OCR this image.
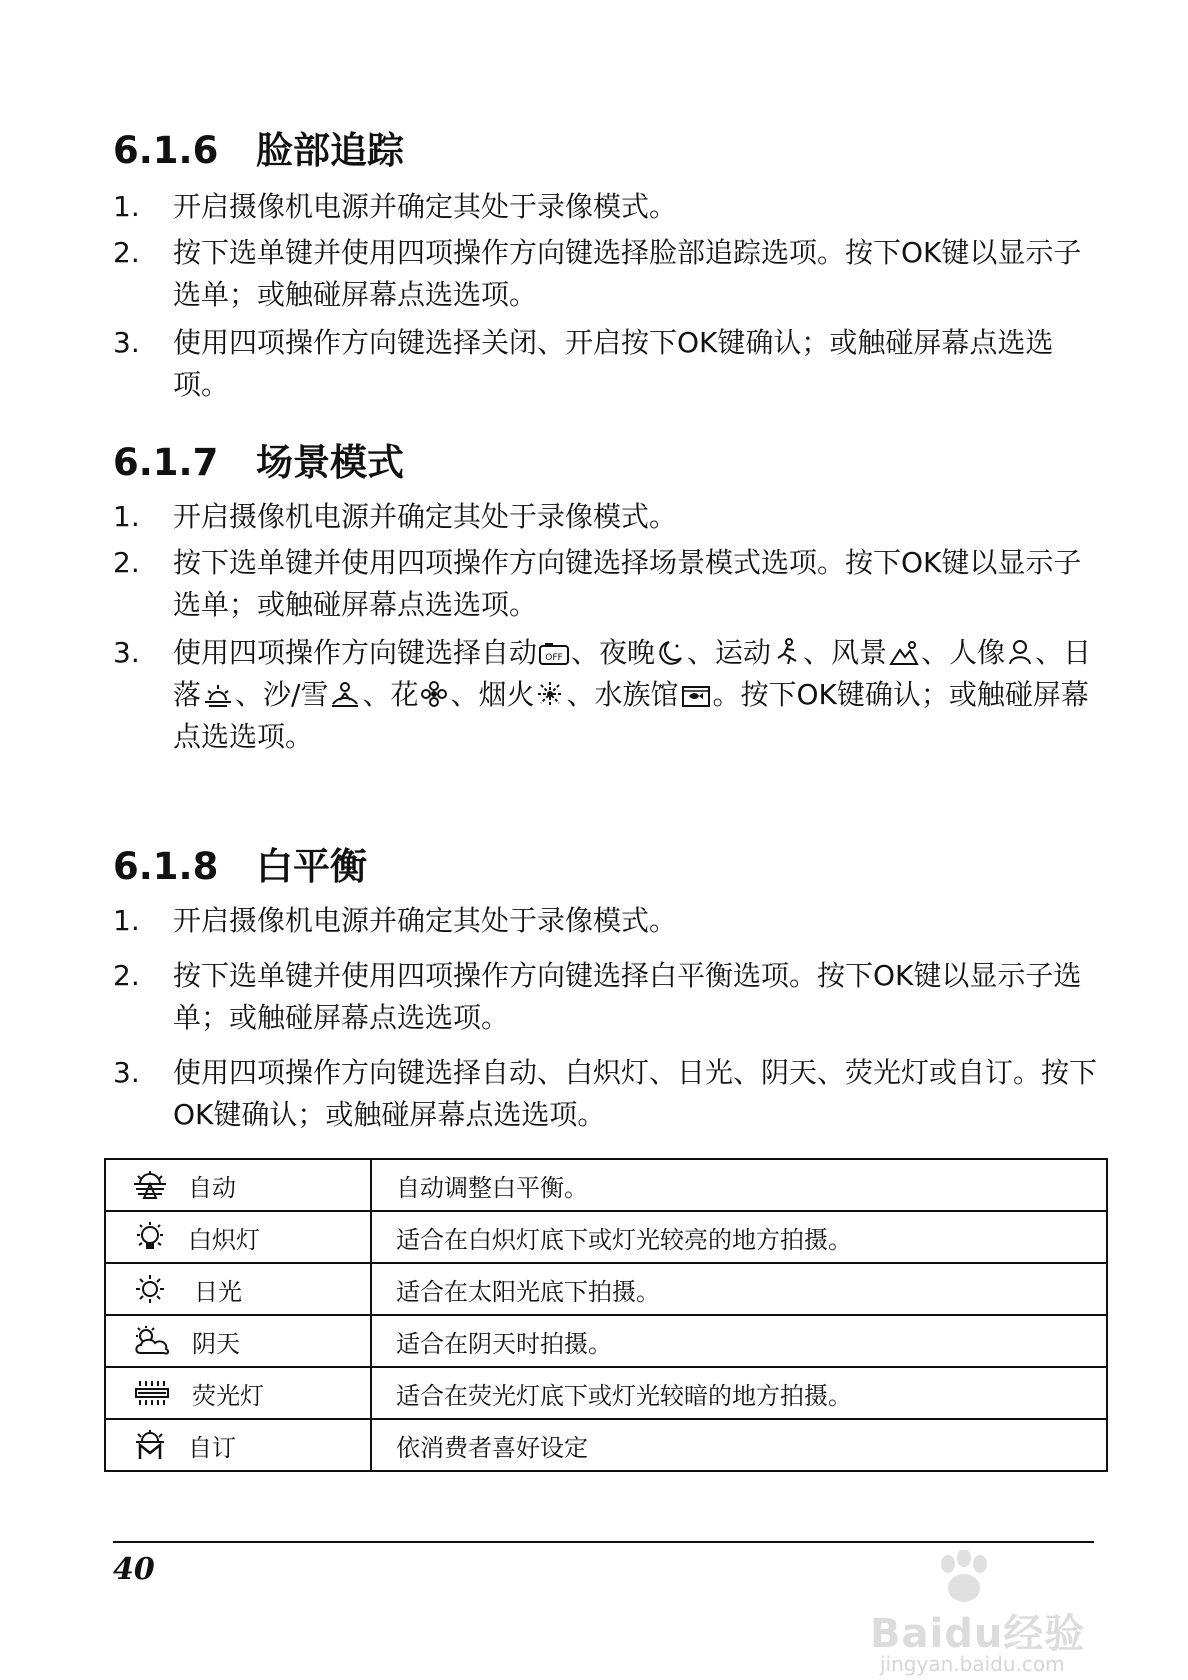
6.1.6 脸部追踪
1. 开启摄像机电源并确定其处于录像模式。
2. 按下选单键并使用四项操作方向键选择脸部追踪选项。按下OK键以显示子选单；或触碰屏幕点选选项。
3. 使用四项操作方向键选择关闭、开启按下OK键确认；或触碰屏幕点选选项。
6.1.7 场景模式
1. 开启摄像机电源并确定其处于录像模式。
2. 按下选单键并使用四项操作方向键选择场景模式选项。按下OK键以显示子选单；或触碰屏幕点选选项。
3. 使用四项操作方向键选择自动 OFF 、夜晚 、运动 、风景 、人像 、日落 、沙/雪 、花 、烟火 、水族馆 。按下OK键确认；或触碰屏幕点选选项。
6.1.8 白平衡
1. 开启摄像机电源并确定其处于录像模式。
2. 按下选单键并使用四项操作方向键选择白平衡选项。按下OK键以显示子选单；或触碰屏幕点选选项。
3. 使用四项操作方向键选择自动、白炽灯、日光、阴天、荧光灯或自订。按下OK键确认；或触碰屏幕点选选项。
自动	自动调整白平衡。

白炽灯	适合在白炽灯底下或灯光较亮的地方拍摄。

日光	适合在太阳光底下拍摄。

阴天	适合在阴天时拍摄。

荧光灯	适合在荧光灯底下或灯光较暗的地方拍摄。

自订	依消费者喜好设定
40
Baidu经验
jingyan.baidu.com
